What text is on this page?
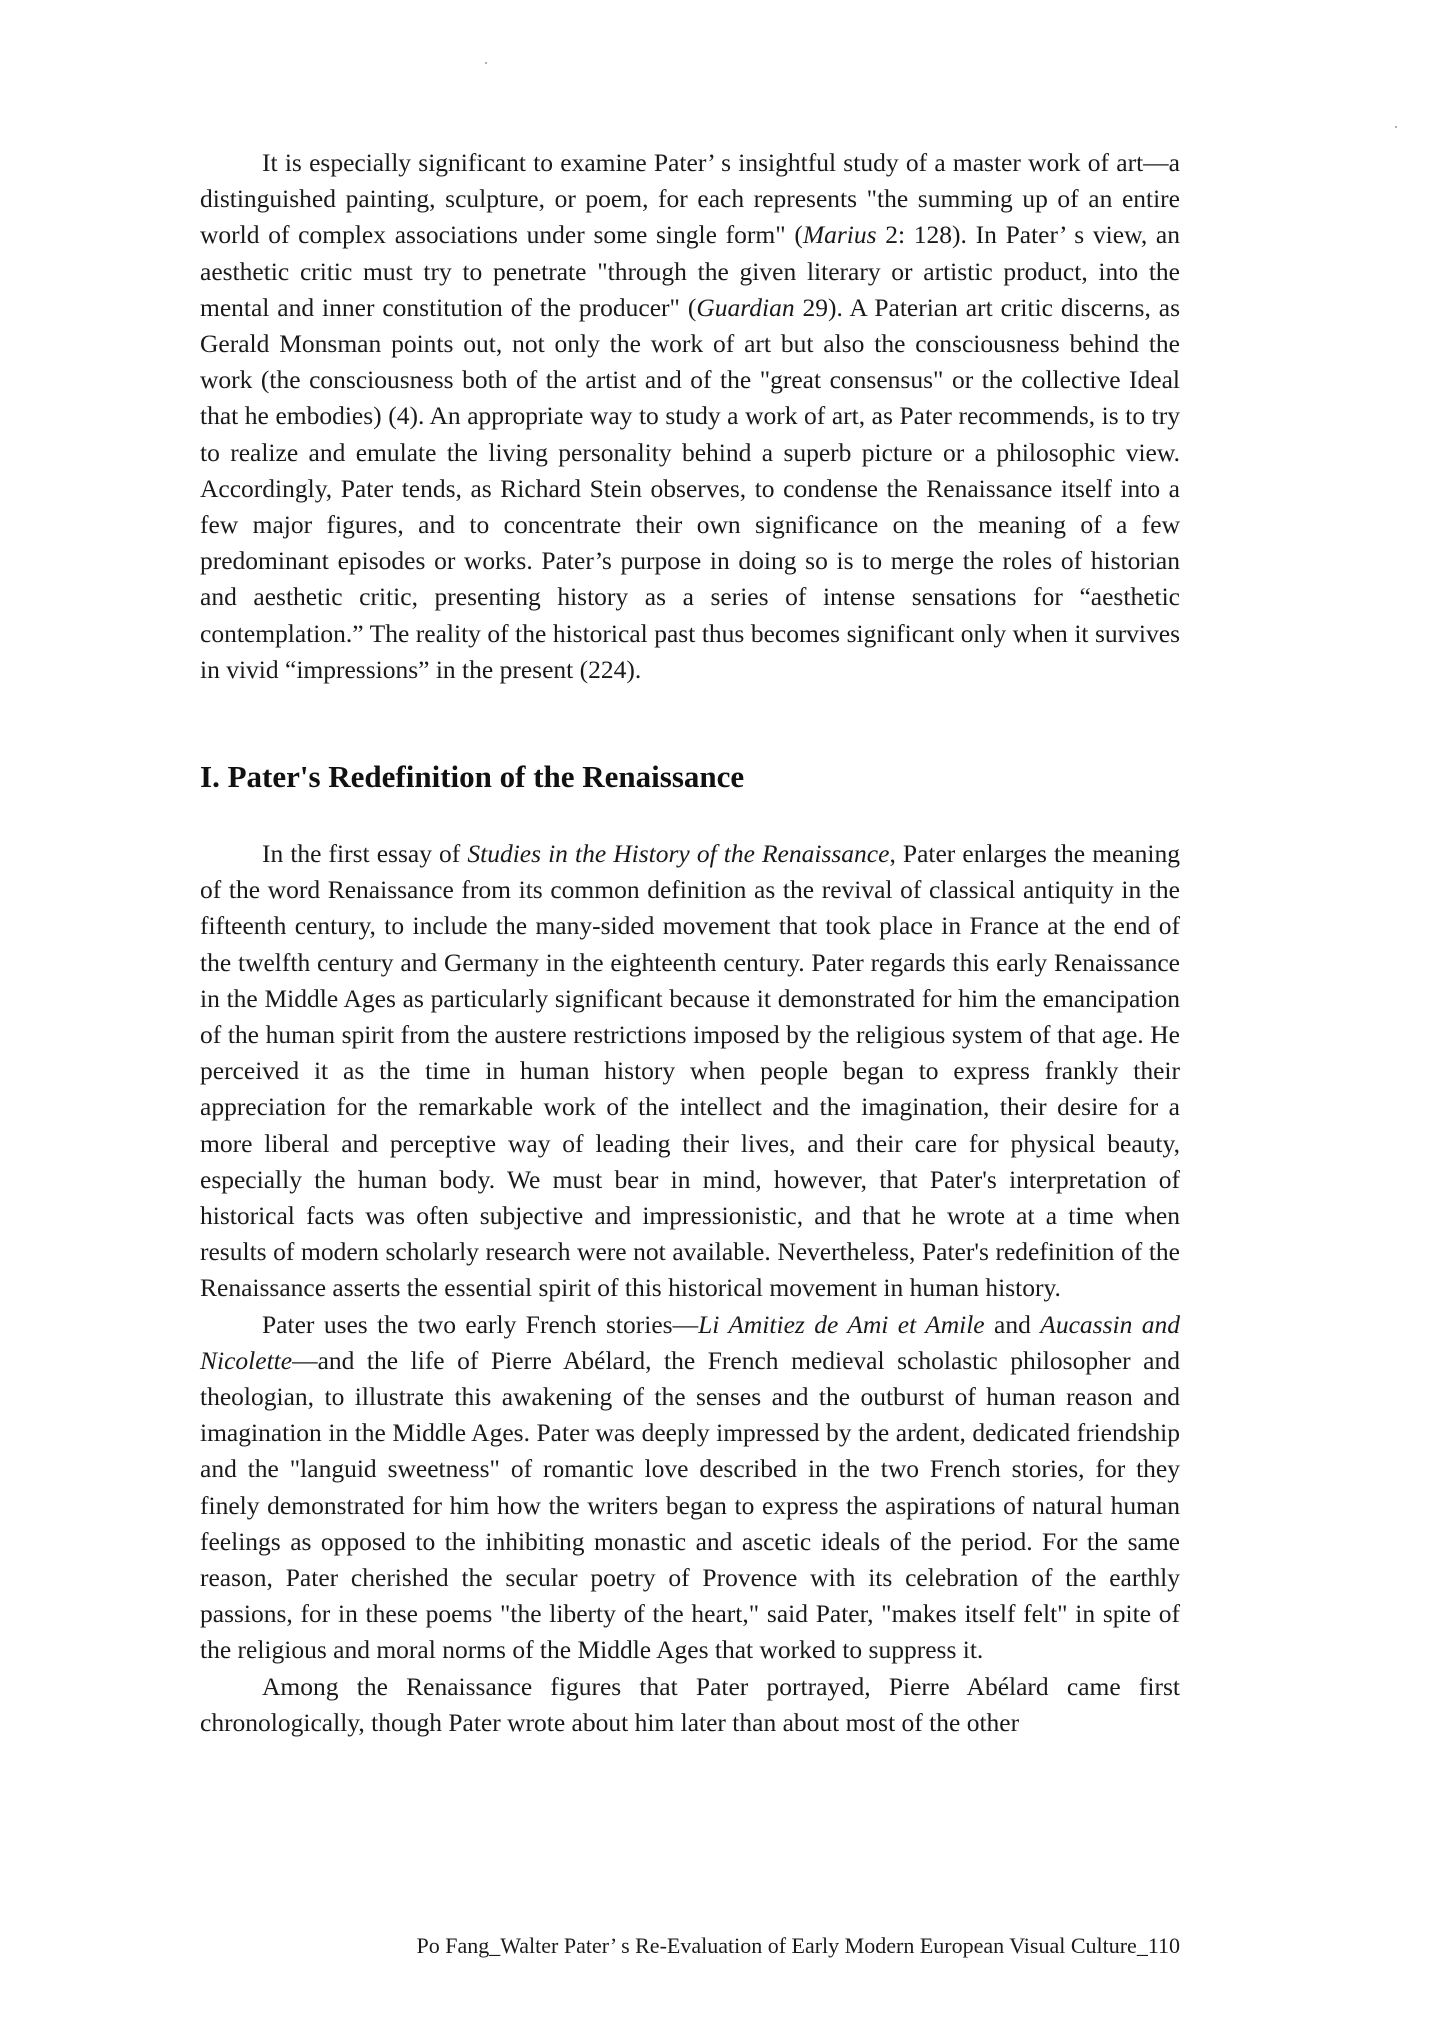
It is especially significant to examine Pater’ s insightful study of a master work of art—a distinguished painting, sculpture, or poem, for each represents "the summing up of an entire world of complex associations under some single form" (Marius 2: 128). In Pater’ s view, an aesthetic critic must try to penetrate "through the given literary or artistic product, into the mental and inner constitution of the producer" (Guardian 29). A Paterian art critic discerns, as Gerald Monsman points out, not only the work of art but also the consciousness behind the work (the consciousness both of the artist and of the "great consensus" or the collective Ideal that he embodies) (4). An appropriate way to study a work of art, as Pater recommends, is to try to realize and emulate the living personality behind a superb picture or a philosophic view. Accordingly, Pater tends, as Richard Stein observes, to condense the Renaissance itself into a few major figures, and to concentrate their own significance on the meaning of a few predominant episodes or works. Pater’s purpose in doing so is to merge the roles of historian and aesthetic critic, presenting history as a series of intense sensations for “aesthetic contemplation.” The reality of the historical past thus becomes significant only when it survives in vivid “impressions” in the present (224).

I. Pater's Redefinition of the Renaissance

In the first essay of Studies in the History of the Renaissance, Pater enlarges the meaning of the word Renaissance from its common definition as the revival of classical antiquity in the fifteenth century, to include the many-sided movement that took place in France at the end of the twelfth century and Germany in the eighteenth century. Pater regards this early Renaissance in the Middle Ages as particularly significant because it demonstrated for him the emancipation of the human spirit from the austere restrictions imposed by the religious system of that age. He perceived it as the time in human history when people began to express frankly their appreciation for the remarkable work of the intellect and the imagination, their desire for a more liberal and perceptive way of leading their lives, and their care for physical beauty, especially the human body. We must bear in mind, however, that Pater's interpretation of historical facts was often subjective and impressionistic, and that he wrote at a time when results of modern scholarly research were not available. Nevertheless, Pater's redefinition of the Renaissance asserts the essential spirit of this historical movement in human history.

Pater uses the two early French stories—Li Amitiez de Ami et Amile and Aucassin and Nicolette—and the life of Pierre Abélard, the French medieval scholastic philosopher and theologian, to illustrate this awakening of the senses and the outburst of human reason and imagination in the Middle Ages. Pater was deeply impressed by the ardent, dedicated friendship and the "languid sweetness" of romantic love described in the two French stories, for they finely demonstrated for him how the writers began to express the aspirations of natural human feelings as opposed to the inhibiting monastic and ascetic ideals of the period. For the same reason, Pater cherished the secular poetry of Provence with its celebration of the earthly passions, for in these poems "the liberty of the heart," said Pater, "makes itself felt" in spite of the religious and moral norms of the Middle Ages that worked to suppress it.

Among the Renaissance figures that Pater portrayed, Pierre Abélard came first chronologically, though Pater wrote about him later than about most of the other

Po Fang_Walter Pater’ s Re-Evaluation of Early Modern European Visual Culture_110
